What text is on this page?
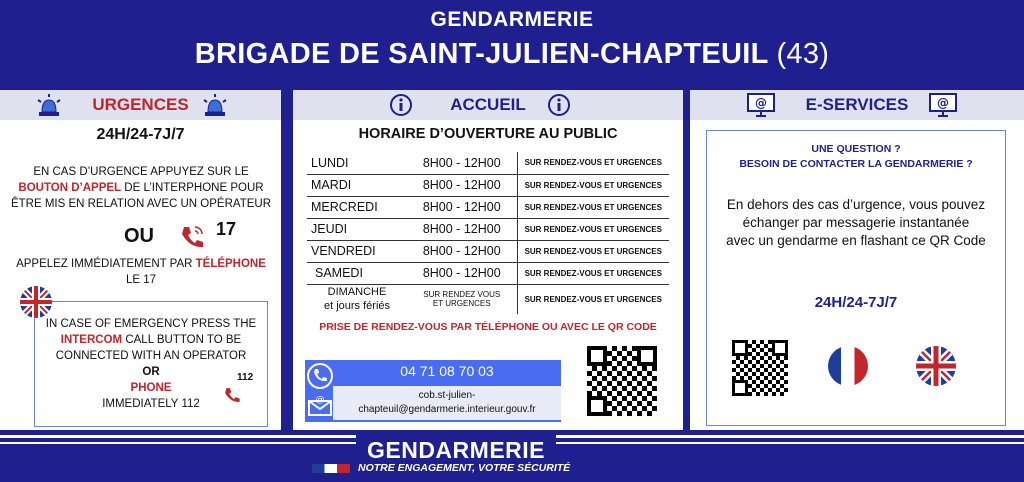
GENDARMERIE
BRIGADE DE SAINT-JULIEN-CHAPTEUIL (43)
URGENCES
24H/24-7J/7
EN CAS D’URGENCE APPUYEZ SUR LE
BOUTON D’APPEL DE L’INTERPHONE POUR
ÊTRE MIS EN RELATION AVEC UN OPÉRATEUR
OU	17
APPELEZ IMMÉDIATEMENT PAR TÉLÉPHONE
LE 17
IN CASE OF EMERGENCY PRESS THE
INTERCOM CALL BUTTON TO BE
CONNECTED WITH AN OPERATOR
OR
PHONE
IMMEDIATELY 112
112
ACCUEIL
HORAIRE D’OUVERTURE AU PUBLIC
LUNDI	8H00 - 12H00	SUR RENDEZ-VOUS ET URGENCES
MARDI	8H00 - 12H00	SUR RENDEZ-VOUS ET URGENCES
MERCREDI	8H00 - 12H00	SUR RENDEZ-VOUS ET URGENCES
JEUDI	8H00 - 12H00	SUR RENDEZ-VOUS ET URGENCES
VENDREDI	8H00 - 12H00	SUR RENDEZ-VOUS ET URGENCES
SAMEDI	8H00 - 12H00	SUR RENDEZ-VOUS ET URGENCES
DIMANCHE
et jours fériés	SUR RENDEZ VOUS ET URGENCES	SUR RENDEZ-VOUS ET URGENCES
PRISE DE RENDEZ-VOUS PAR TÉLÉPHONE OU AVEC LE QR CODE
04 71 08 70 03
cob.st-julien-
chapteuil@gendarmerie.interieur.gouv.fr
@
@ E-SERVICES @
UNE QUESTION ?
BESOIN DE CONTACTER LA GENDARMERIE ?
En dehors des cas d’urgence, vous pouvez
échanger par messagerie instantanée
avec un gendarme en flashant ce QR Code
24H/24-7J/7
GENDARMERIE
NOTRE ENGAGEMENT, VOTRE SÉCURITÉ
